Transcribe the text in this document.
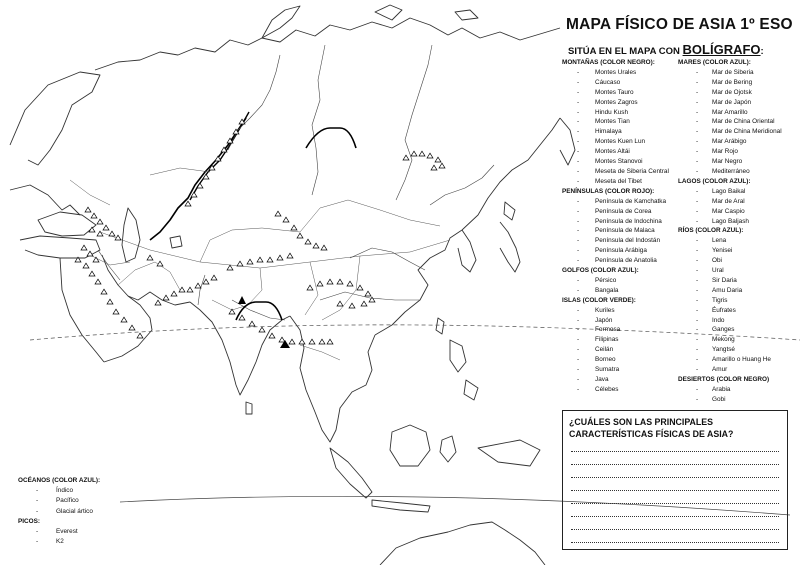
MAPA FÍSICO DE ASIA 1º ESO
SITÚA EN EL MAPA CON BOLÍGRAFO:
MONTAÑAS (COLOR NEGRO):
- Montes Urales
- Cáucaso
- Montes Tauro
- Montes Zagros
- Hindu Kush
- Montes Tian
- Himalaya
- Montes Kuen Lun
- Montes Altái
- Montes Stanovoi
- Meseta de Siberia Central
- Meseta del Tibet
PENÍNSULAS (COLOR ROJO):
- Península de Kamchatka
- Península de Corea
- Península de Indochina
- Península de Malaca
- Península del Indostán
- Península Arábiga
- Península de Anatolia
GOLFOS (COLOR AZUL):
- Pérsico
- Bangala
ISLAS (COLOR VERDE):
- Kuriles
- Japón
- Formosa
- Filipinas
- Ceilán
- Borneo
- Sumatra
- Java
- Célebes
MARES (COLOR AZUL):
- Mar de Siberia
- Mar de Bering
- Mar de Ojotsk
- Mar de Japón
- Mar Amarillo
- Mar de China Oriental
- Mar de China Meridional
- Mar Arábigo
- Mar Rojo
- Mar Negro
- Mediterráneo
LAGOS (COLOR AZUL):
- Lago Baikal
- Mar de Aral
- Mar Caspio
- Lago Baljash
RÍOS (COLOR AZUL):
- Lena
- Yenisei
- Obi
- Ural
- Sir Daria
- Amu Daria
- Tigris
- Éufrates
- Indo
- Ganges
- Mekong
- Yangtsé
- Amarillo o Huang He
- Amur
DESIERTOS (COLOR NEGRO)
- Arabia
- Gobi
¿CUÁLES SON LAS PRINCIPALES CARACTERÍSTICAS FÍSICAS DE ASIA?
OCÉANOS (COLOR AZUL):
- Índico
- Pacífico
- Glacial ártico
PICOS:
- Everest
- K2
